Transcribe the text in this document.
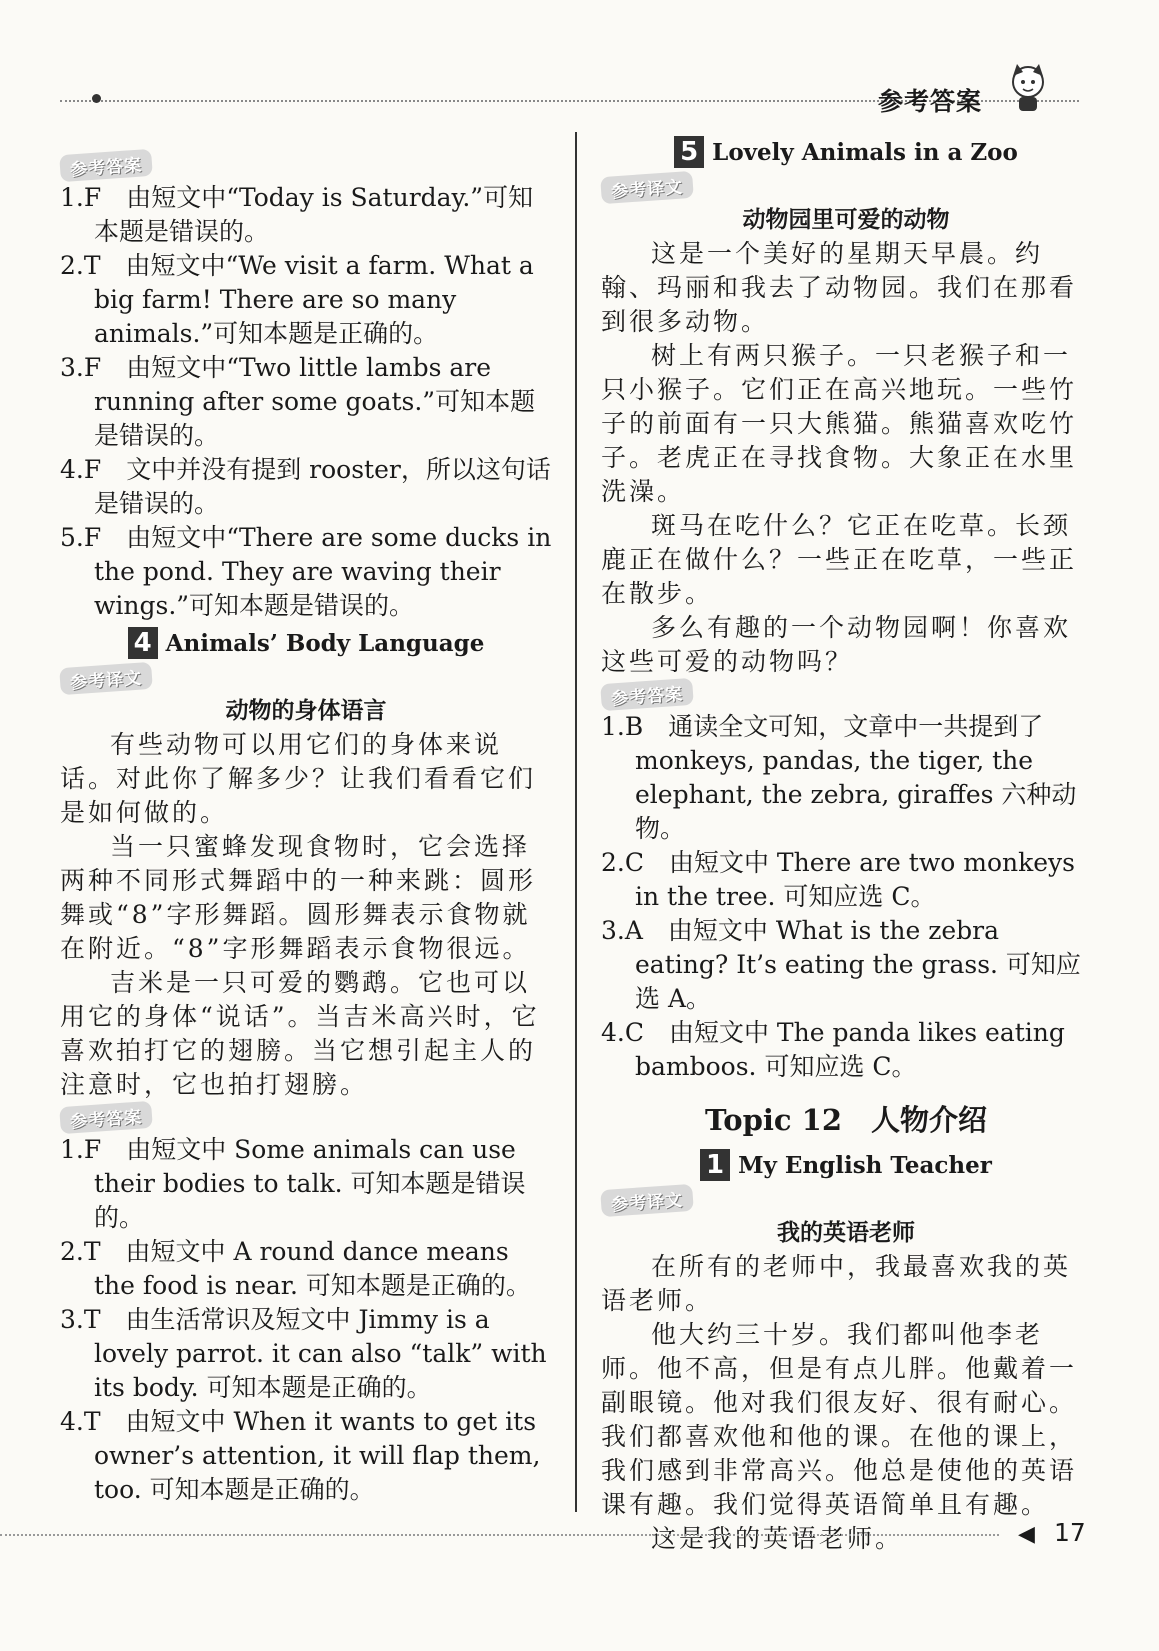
参考答案
参考答案

1.F　由短文中“Today is Saturday.”可知本题是错误的。

2.T　由短文中“We visit a farm. What a big farm! There are so many animals.”可知本题是正确的。

3.F　由短文中“Two little lambs are running after some goats.”可知本题是错误的。

4.F　文中并没有提到 rooster，所以这句话是错误的。

5.F　由短文中“There are some ducks in the pond. They are waving their wings.”可知本题是错误的。

4 Animals’ Body Language
参考译文

动物的身体语言

有些动物可以用它们的身体来说话。对此你了解多少？让我们看看它们是如何做的。

当一只蜜蜂发现食物时，它会选择两种不同形式舞蹈中的一种来跳：圆形舞或“8”字形舞蹈。圆形舞表示食物就在附近。“8”字形舞蹈表示食物很远。

吉米是一只可爱的鹦鹉。它也可以用它的身体“说话”。当吉米高兴时，它喜欢拍打它的翅膀。当它想引起主人的注意时，它也拍打翅膀。

参考答案

1.F　由短文中 Some animals can use their bodies to talk. 可知本题是错误的。

2.T　由短文中 A round dance means the food is near. 可知本题是正确的。

3.T　由生活常识及短文中 Jimmy is a lovely parrot. it can also “talk” with its body. 可知本题是正确的。

4.T　由短文中 When it wants to get its owner’s attention, it will flap them, too. 可知本题是正确的。

5 Lovely Animals in a Zoo
参考译文

动物园里可爱的动物

这是一个美好的星期天早晨。约翰、玛丽和我去了动物园。我们在那看到很多动物。

树上有两只猴子。一只老猴子和一只小猴子。它们正在高兴地玩。一些竹子的前面有一只大熊猫。熊猫喜欢吃竹子。老虎正在寻找食物。大象正在水里洗澡。

斑马在吃什么？它正在吃草。长颈鹿正在做什么？一些正在吃草，一些正在散步。

多么有趣的一个动物园啊！你喜欢这些可爱的动物吗？

参考答案

1.B　通读全文可知，文章中一共提到了 monkeys, pandas, the tiger, the elephant, the zebra, giraffes 六种动物。

2.C　由短文中 There are two monkeys in the tree. 可知应选 C。

3.A　由短文中 What is the zebra eating? It’s eating the grass. 可知应选 A。

4.C　由短文中 The panda likes eating bamboos. 可知应选 C。

Topic 12　人物介绍
1 My English Teacher
参考译文

我的英语老师

在所有的老师中，我最喜欢我的英语老师。

他大约三十岁。我们都叫他李老师。他不高，但是有点儿胖。他戴着一副眼镜。他对我们很友好、很有耐心。我们都喜欢他和他的课。在他的课上，我们感到非常高兴。他总是使他的英语课有趣。我们觉得英语简单且有趣。

这是我的英语老师。	◀ 17
